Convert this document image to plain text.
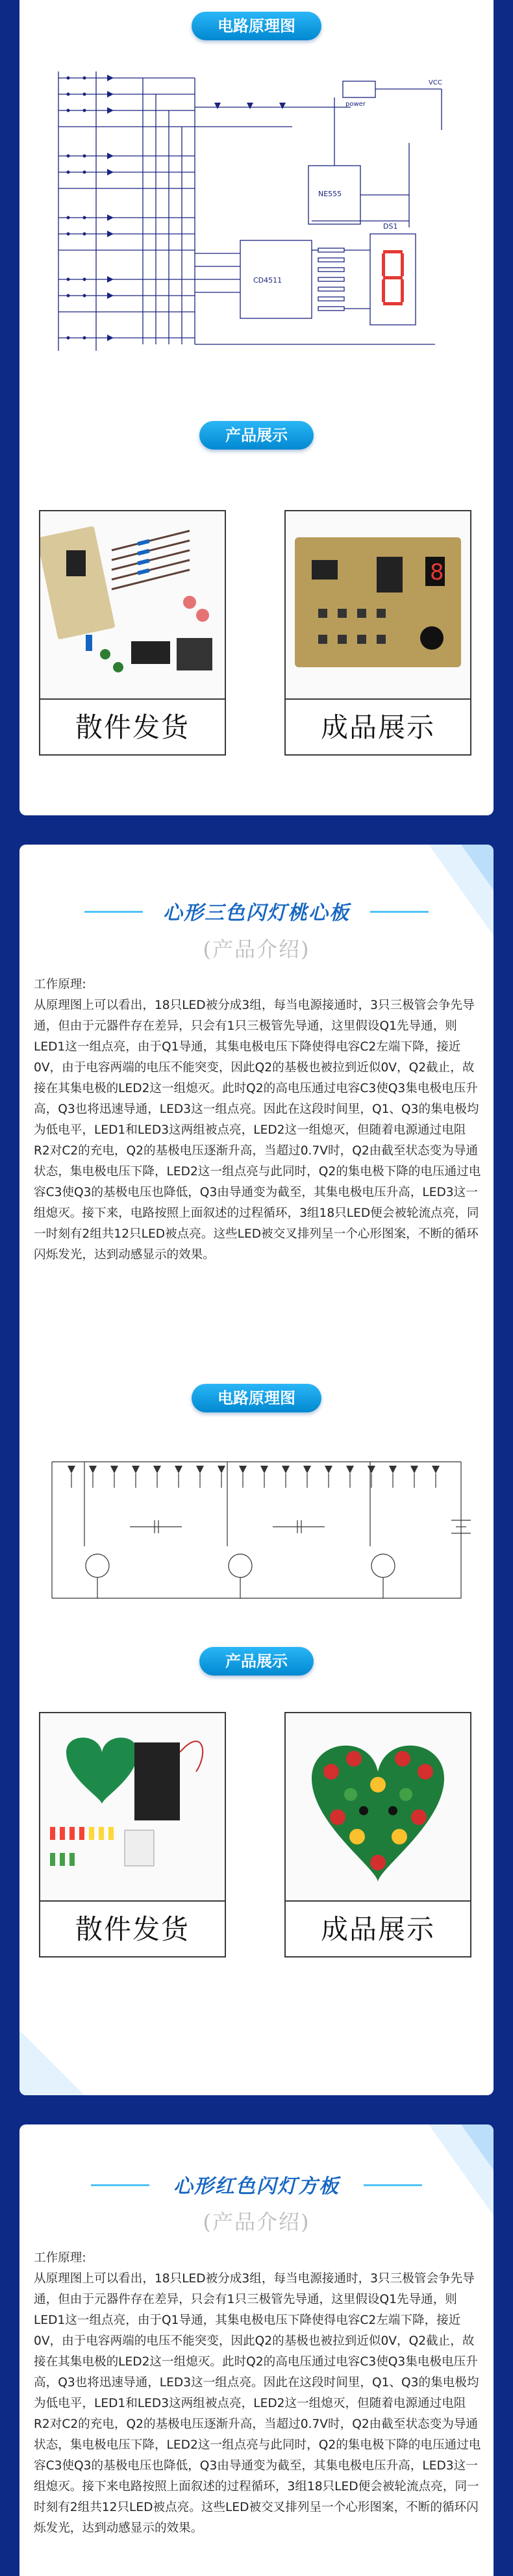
电路原理图
NE555
CD4511
DS1
power
VCC
产品展示
散件发货
8
成品展示
心形三色闪灯桃心板
(产品介绍)

工作原理:

从原理图上可以看出，18只LED被分成3组，每当电源接通时，3只三极管会争先导通，但由于元器件存在差异，只会有1只三极管先导通，这里假设Q1先导通，则LED1这一组点亮，由于Q1导通，其集电极电压下降使得电容C2左端下降，接近0V，由于电容两端的电压不能突变，因此Q2的基极也被拉到近似0V，Q2截止，故接在其集电极的LED2这一组熄灭。此时Q2的高电压通过电容C3使Q3集电极电压升高，Q3也将迅速导通，LED3这一组点亮。因此在这段时间里，Q1、Q3的集电极均为低电平，LED1和LED3这两组被点亮，LED2这一组熄灭，但随着电源通过电阻R2对C2的充电，Q2的基极电压逐渐升高，当超过0.7V时，Q2由截至状态变为导通状态，集电极电压下降，LED2这一组点亮与此同时，Q2的集电极下降的电压通过电容C3使Q3的基极电压也降低，Q3由导通变为截至，其集电极电压升高，LED3这一组熄灭。接下来，电路按照上面叙述的过程循环，3组18只LED便会被轮流点亮，同一时刻有2组共12只LED被点亮。这些LED被交叉排列呈一个心形图案，不断的循环闪烁发光，达到动感显示的效果。

电路原理图
产品展示
散件发货	成品展示
心形红色闪灯方板
(产品介绍)

工作原理:

从原理图上可以看出，18只LED被分成3组，每当电源接通时，3只三极管会争先导通，但由于元器件存在差异，只会有1只三极管先导通，这里假设Q1先导通，则LED1这一组点亮，由于Q1导通，其集电极电压下降使得电容C2左端下降，接近0V，由于电容两端的电压不能突变，因此Q2的基极也被拉到近似0V，Q2截止，故接在其集电极的LED2这一组熄灭。此时Q2的高电压通过电容C3使Q3集电极电压升高，Q3也将迅速导通，LED3这一组点亮。因此在这段时间里，Q1、Q3的集电极均为低电平，LED1和LED3这两组被点亮，LED2这一组熄灭，但随着电源通过电阻R2对C2的充电，Q2的基极电压逐渐升高，当超过0.7V时，Q2由截至状态变为导通状态，集电极电压下降，LED2这一组点亮与此同时，Q2的集电极下降的电压通过电容C3使Q3的基极电压也降低，Q3由导通变为截至，其集电极电压升高，LED3这一组熄灭。接下来电路按照上面叙述的过程循环，3组18只LED便会被轮流点亮，同一时刻有2组共12只LED被点亮。这些LED被交叉排列呈一个心形图案，不断的循环闪烁发光，达到动感显示的效果。
